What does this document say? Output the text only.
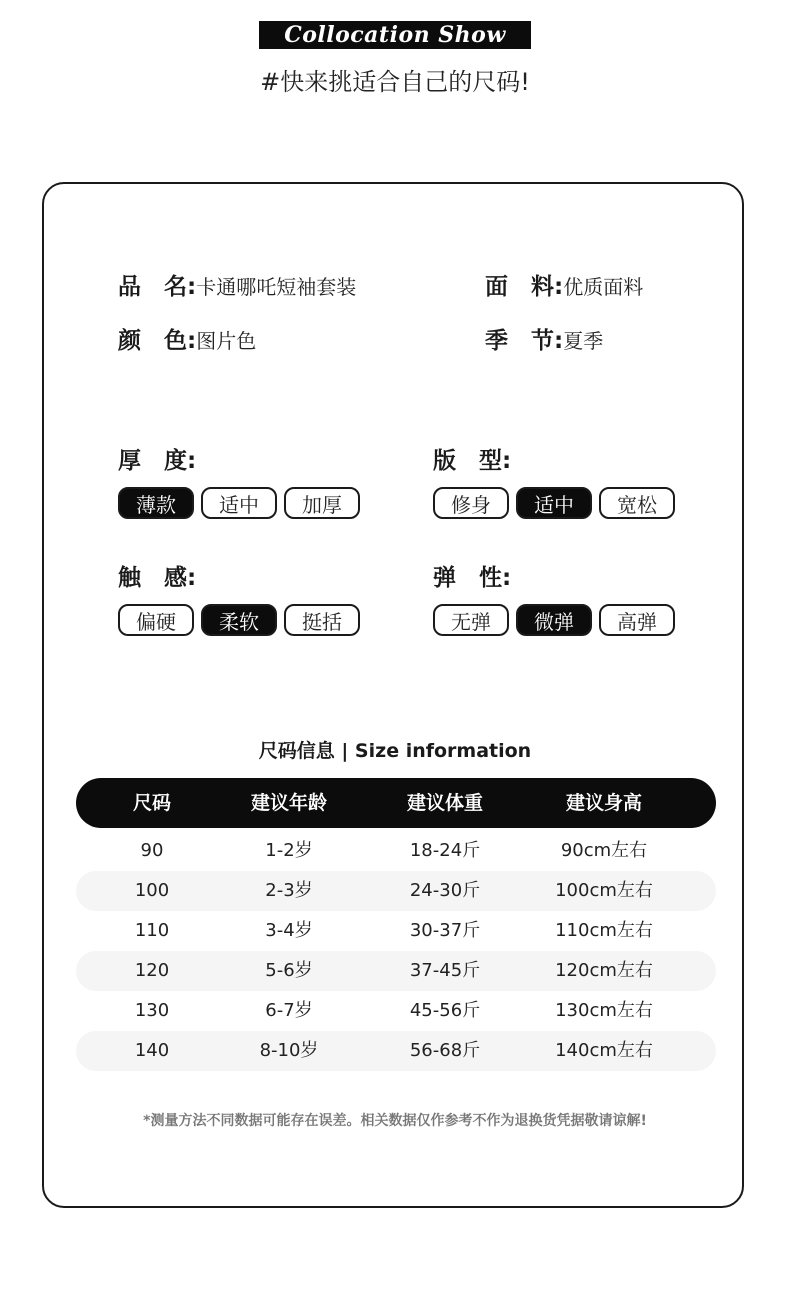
Collocation Show
#快来挑适合自己的尺码!
品　名: 卡通哪吒短袖套装	面　料: 优质面料
颜　色: 图片色	季　节: 夏季
厚　度:
薄款	适中	加厚
版　型:
修身	适中	宽松
触　感:
偏硬	柔软	挺括
弹　性:
无弹	微弹	高弹
尺码信息 | Size information
尺码	建议年龄	建议体重	建议身高
90	1-2岁	18-24斤	90cm左右
100	2-3岁	24-30斤	100cm左右
110	3-4岁	30-37斤	110cm左右
120	5-6岁	37-45斤	120cm左右
130	6-7岁	45-56斤	130cm左右
140	8-10岁	56-68斤	140cm左右
*测量方法不同数据可能存在误差。相关数据仅作参考不作为退换货凭据敬请谅解!
